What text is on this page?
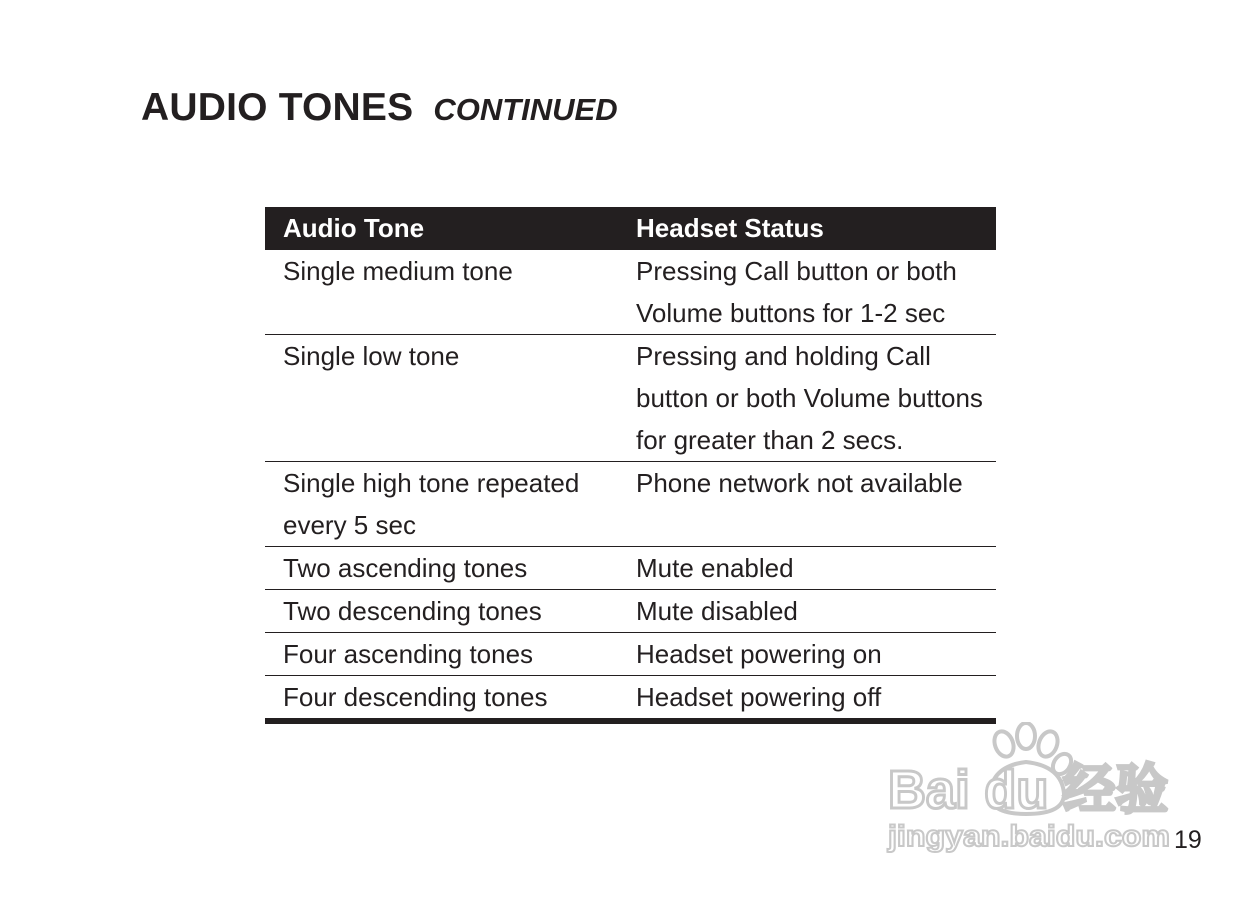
AUDIO TONES CONTINUED
Audio Tone	Headset Status

Single medium tone	Pressing Call button or both
Volume buttons for 1-2 sec

Single low tone	Pressing and holding Call
button or both Volume buttons
for greater than 2 secs.

Single high tone repeated
every 5 sec	Phone network not available

Two ascending tones	Mute enabled

Two descending tones	Mute disabled

Four ascending tones	Headset powering on

Four descending tones	Headset powering off
Bai du 经验
jingyan.baidu.com 19
